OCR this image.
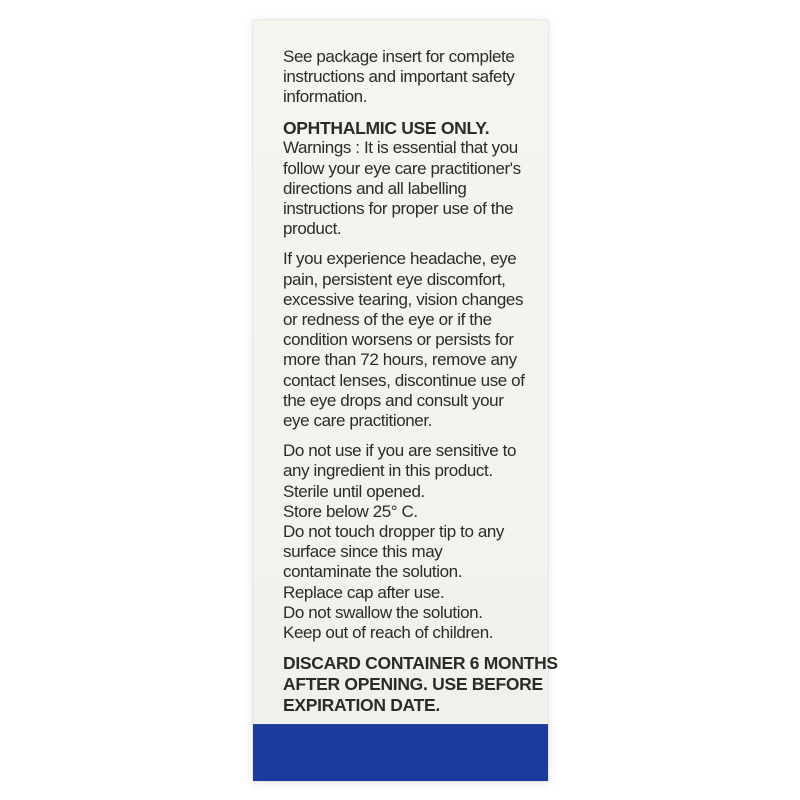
See package insert for complete
instructions and important safety
information.
OPHTHALMIC USE ONLY.
Warnings : It is essential that you
follow your eye care practitioner's
directions and all labelling
instructions for proper use of the
product.
If you experience headache, eye
pain, persistent eye discomfort,
excessive tearing, vision changes
or redness of the eye or if the
condition worsens or persists for
more than 72 hours, remove any
contact lenses, discontinue use of
the eye drops and consult your
eye care practitioner.
Do not use if you are sensitive to
any ingredient in this product.
Sterile until opened.
Store below 25° C.
Do not touch dropper tip to any
surface since this may
contaminate the solution.
Replace cap after use.
Do not swallow the solution.
Keep out of reach of children.
DISCARD CONTAINER 6 MONTHS
AFTER OPENING. USE BEFORE
EXPIRATION DATE.
